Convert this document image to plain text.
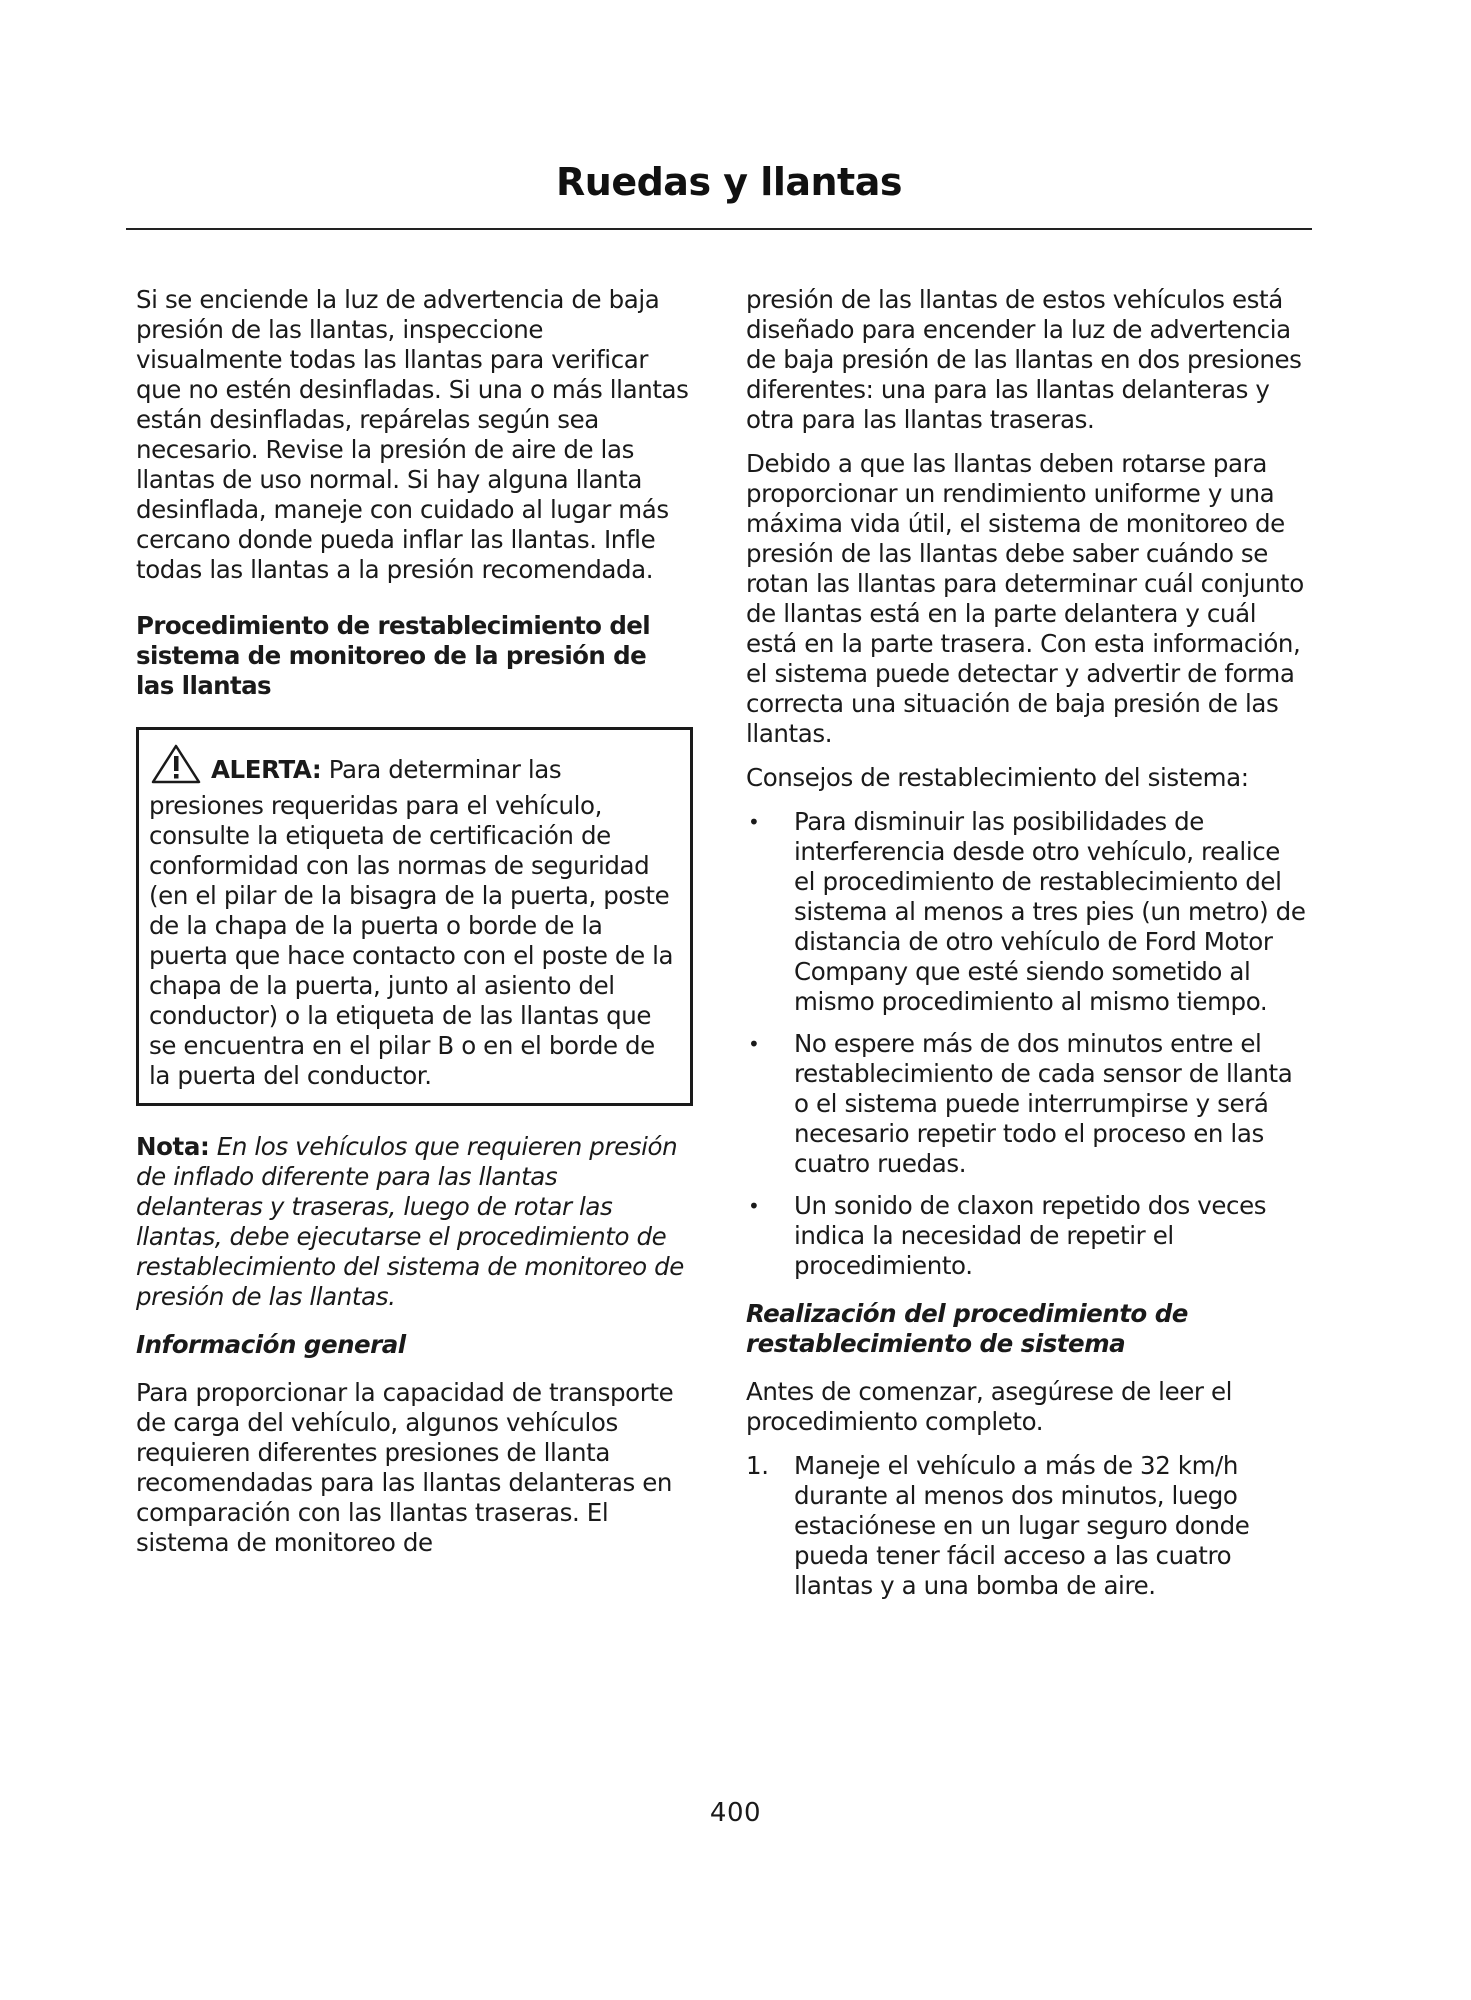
Ruedas y llantas

Si se enciende la luz de advertencia de baja presión de las llantas, inspeccione visualmente todas las llantas para verificar que no estén desinfladas. Si una o más llantas están desinfladas, repárelas según sea necesario. Revise la presión de aire de las llantas de uso normal. Si hay alguna llanta desinflada, maneje con cuidado al lugar más cercano donde pueda inflar las llantas. Infle todas las llantas a la presión recomendada.

Procedimiento de restablecimiento del sistema de monitoreo de la presión de las llantas

ALERTA: Para determinar las presiones requeridas para el vehículo, consulte la etiqueta de certificación de conformidad con las normas de seguridad (en el pilar de la bisagra de la puerta, poste de la chapa de la puerta o borde de la puerta que hace contacto con el poste de la chapa de la puerta, junto al asiento del conductor) o la etiqueta de las llantas que se encuentra en el pilar B o en el borde de la puerta del conductor.

Nota: En los vehículos que requieren presión de inflado diferente para las llantas delanteras y traseras, luego de rotar las llantas, debe ejecutarse el procedimiento de restablecimiento del sistema de monitoreo de presión de las llantas.

Información general

Para proporcionar la capacidad de transporte de carga del vehículo, algunos vehículos requieren diferentes presiones de llanta recomendadas para las llantas delanteras en comparación con las llantas traseras. El sistema de monitoreo de

presión de las llantas de estos vehículos está diseñado para encender la luz de advertencia de baja presión de las llantas en dos presiones diferentes: una para las llantas delanteras y otra para las llantas traseras.

Debido a que las llantas deben rotarse para proporcionar un rendimiento uniforme y una máxima vida útil, el sistema de monitoreo de presión de las llantas debe saber cuándo se rotan las llantas para determinar cuál conjunto de llantas está en la parte delantera y cuál está en la parte trasera. Con esta información, el sistema puede detectar y advertir de forma correcta una situación de baja presión de las llantas.

Consejos de restablecimiento del sistema:

• Para disminuir las posibilidades de interferencia desde otro vehículo, realice el procedimiento de restablecimiento del sistema al menos a tres pies (un metro) de distancia de otro vehículo de Ford Motor Company que esté siendo sometido al mismo procedimiento al mismo tiempo.
• No espere más de dos minutos entre el restablecimiento de cada sensor de llanta o el sistema puede interrumpirse y será necesario repetir todo el proceso en las cuatro ruedas.
• Un sonido de claxon repetido dos veces indica la necesidad de repetir el procedimiento.

Realización del procedimiento de restablecimiento de sistema

Antes de comenzar, asegúrese de leer el procedimiento completo.

1. Maneje el vehículo a más de 32 km/h durante al menos dos minutos, luego estaciónese en un lugar seguro donde pueda tener fácil acceso a las cuatro llantas y a una bomba de aire.
400
